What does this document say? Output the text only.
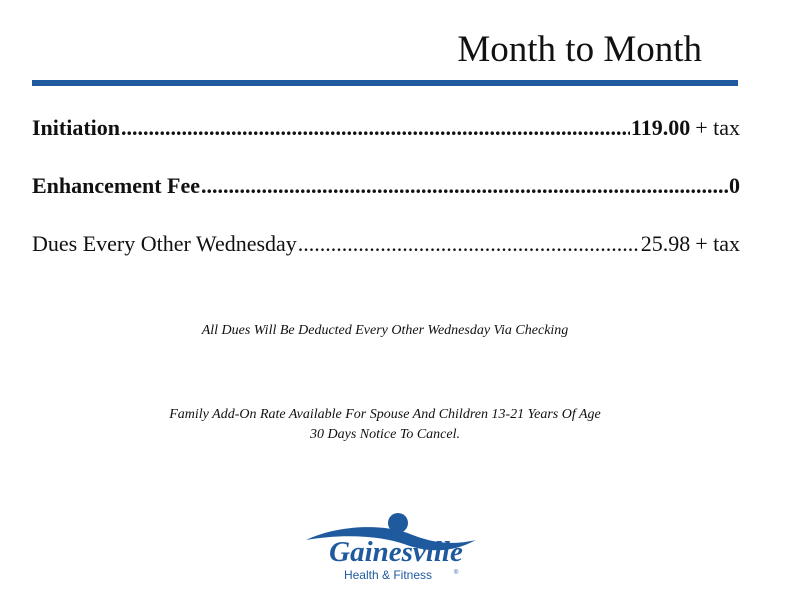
Month to Month
Initiation .....	119.00 + tax
Enhancement Fee .....	0
Dues Every Other Wednesday .....	25.98 + tax
All Dues Will Be Deducted Every Other Wednesday Via Checking
Family Add-On Rate Available For Spouse And Children 13-21 Years Of Age
30 Days Notice To Cancel.
Gainesville
Health & Fitness	®
